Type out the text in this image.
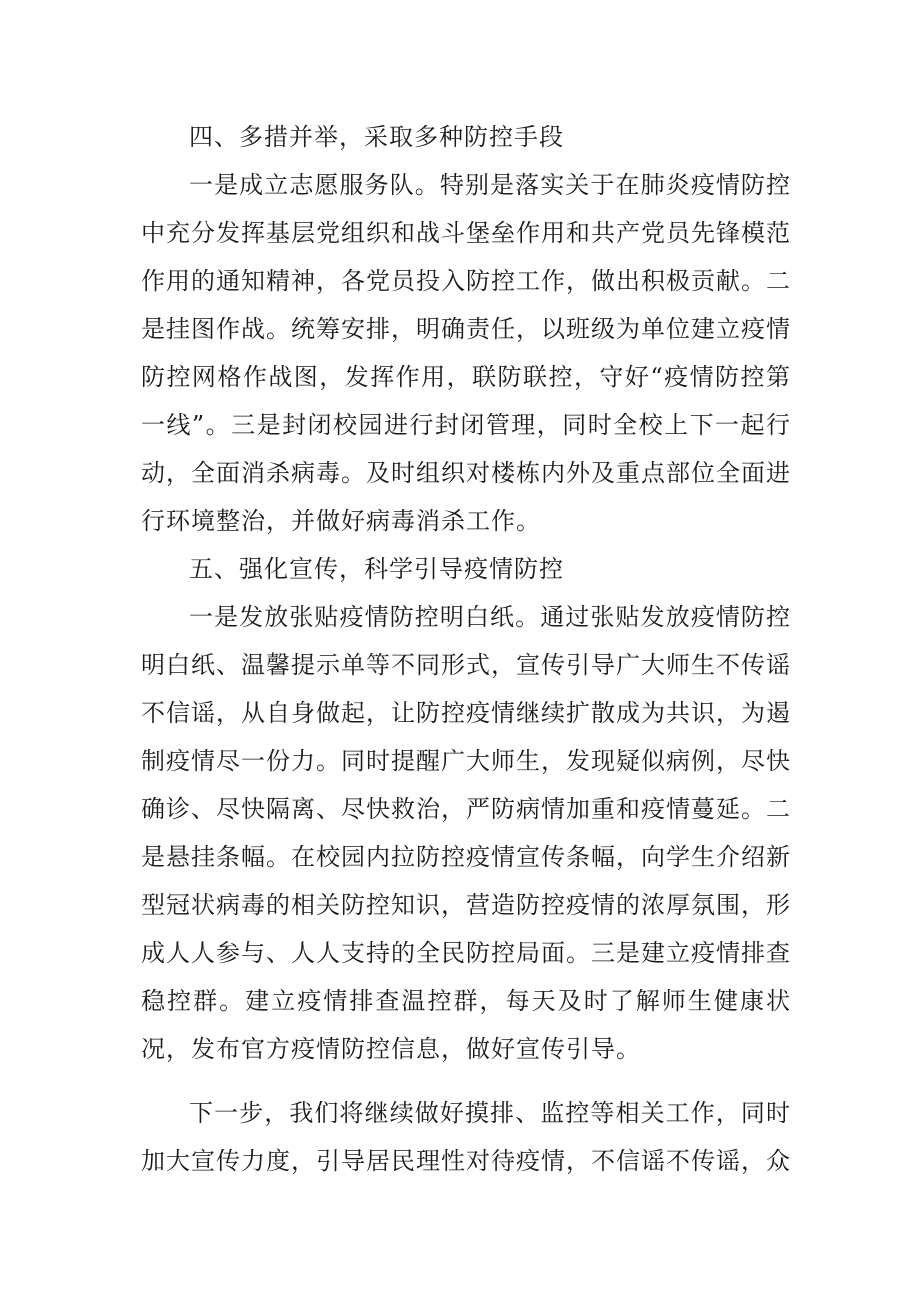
四、多措并举，采取多种防控手段

一是成立志愿服务队。特别是落实关于在肺炎疫情防控中充分发挥基层党组织和战斗堡垒作用和共产党员先锋模范作用的通知精神，各党员投入防控工作，做出积极贡献。二是挂图作战。统筹安排，明确责任，以班级为单位建立疫情防控网格作战图，发挥作用，联防联控，守好“疫情防控第一线”。三是封闭校园进行封闭管理，同时全校上下一起行动，全面消杀病毒。及时组织对楼栋内外及重点部位全面进行环境整治，并做好病毒消杀工作。

五、强化宣传，科学引导疫情防控

一是发放张贴疫情防控明白纸。通过张贴发放疫情防控明白纸、温馨提示单等不同形式，宣传引导广大师生不传谣不信谣，从自身做起，让防控疫情继续扩散成为共识，为遏制疫情尽一份力。同时提醒广大师生，发现疑似病例，尽快确诊、尽快隔离、尽快救治，严防病情加重和疫情蔓延。二是悬挂条幅。在校园内拉防控疫情宣传条幅，向学生介绍新型冠状病毒的相关防控知识，营造防控疫情的浓厚氛围，形成人人参与、人人支持的全民防控局面。三是建立疫情排查稳控群。建立疫情排查温控群，每天及时了解师生健康状况，发布官方疫情防控信息，做好宣传引导。

下一步，我们将继续做好摸排、监控等相关工作，同时加大宣传力度，引导居民理性对待疫情，不信谣不传谣，众
